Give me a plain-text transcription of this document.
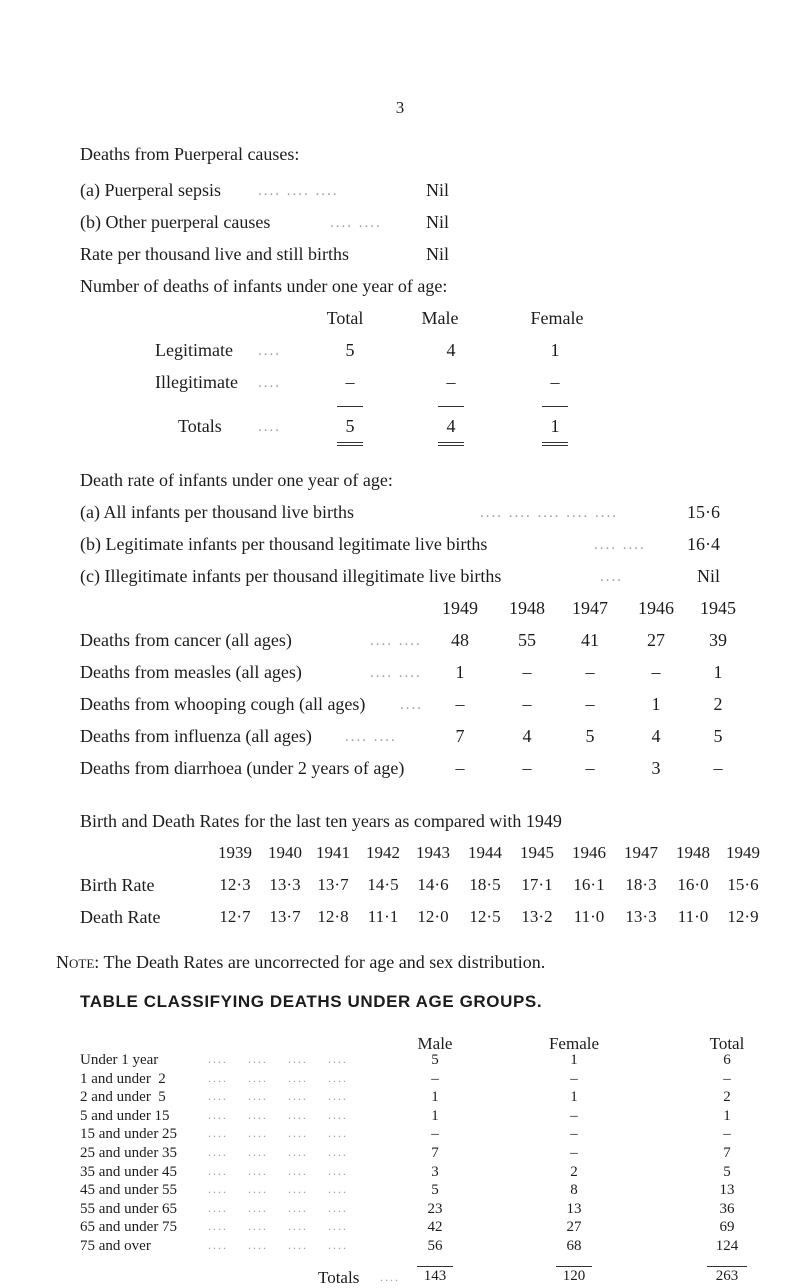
3
Deaths from Puerperal causes:
(a) Puerperal sepsis .... .... ....	Nil
(b) Other puerperal causes	.... .... Nil
Rate per thousand live and still births	Nil
Number of deaths of infants under one year of age:
Total	Male	Female
Legitimate ....	5	4	1
Illegitimate ....	–	–	–
Totals ....	5	4	1
Death rate of infants under one year of age:
(a) All infants per thousand live births	.... .... .... .... ....	15·6
(b) Legitimate infants per thousand legitimate live births	.... ....	16·4
(c) Illegitimate infants per thousand illegitimate live births	....	Nil
1949	1948	1947	1946	1945
Deaths from cancer (all ages)	.... ....	48	55	41	27	39
Deaths from measles (all ages)	.... ....	1	–	–	–	1
Deaths from whooping cough (all ages) ....	–	–	–	1	2
Deaths from influenza (all ages) .... ....	7	4	5	4	5
Deaths from diarrhoea (under 2 years of age)	–	–	–	3	–
Birth and Death Rates for the last ten years as compared with 1949
1939 1940 1941 1942 1943	1944	1945	1946	1947	1948 1949
Birth Rate	12·3	13·3 13·7	14·5	14·6	18·5	17·1	16·1	18·3	16·0	15·6
Death Rate	12·7	13·7 12·8	11·1	12·0	12·5	13·2	11·0	13·3	11·0	12·9
Note: The Death Rates are uncorrected for age and sex distribution.
TABLE CLASSIFYING DEATHS UNDER AGE GROUPS.
Male	Female	Total
Under 1 year	....    ....    ....    ....	5	1	6
1 and under  2	....    ....    ....    ....	–	–	–
2 and under  5	....    ....    ....    ....	1	1	2
5 and under 15	....    ....    ....    ....	1	–	1
15 and under 25	....    ....    ....    ....	–	–	–
25 and under 35	....    ....    ....    ....	7	–	7
35 and under 45	....    ....    ....    ....	3	2	5
45 and under 55	....    ....    ....    ....	5	8	13
55 and under 65	....    ....    ....    ....	23	13	36
65 and under 75	....    ....    ....    ....	42	27	69
75 and over	....    ....    ....    ....	56	68	124
Totals ....	143	120	263
